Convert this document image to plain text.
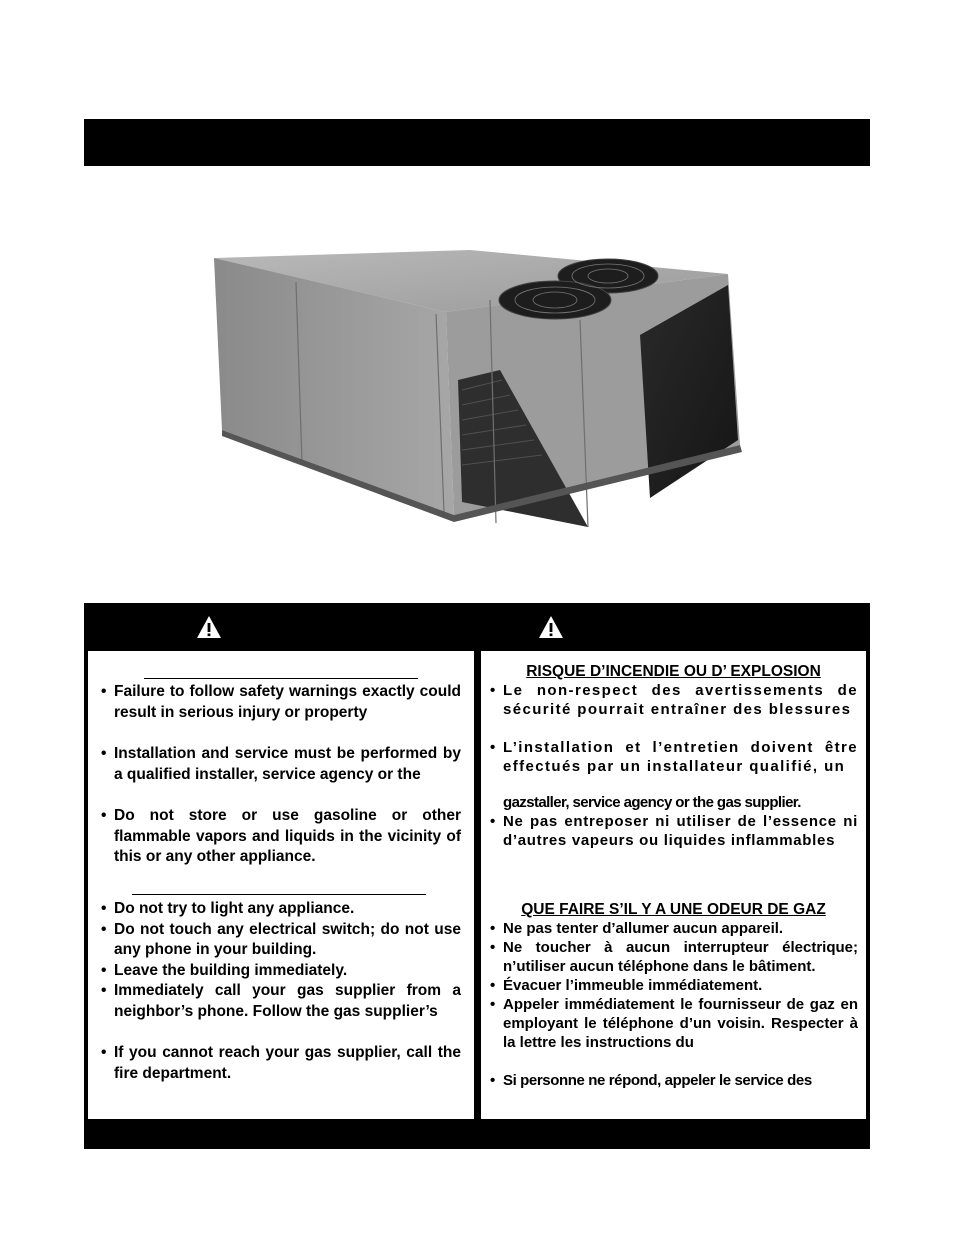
• Failure to follow safety warnings exactly could result in serious injury or property
• Installation and service must be performed by a qualified installer, service agency or the
• Do not store or use gasoline or other flammable vapors and liquids in the vicinity of this or any other appliance.
• Do not try to light any appliance.
• Do not touch any electrical switch; do not use any phone in your building.
• Leave the building immediately.
• Immediately call your gas supplier from a neighbor’s phone. Follow the gas supplier’s
• If you cannot reach your gas supplier, call the fire department.
RISQUE D’INCENDIE OU D’ EXPLOSION
• Le non-respect des avertissements de sécurité pourrait entraîner des blessures
• L’installation et l’entretien doivent être effectués par un installateur qualifié, un
gazstaller, service agency or the gas supplier.
• Ne pas entreposer ni utiliser de l’essence ni d’autres vapeurs ou liquides inflammables
QUE FAIRE S’IL Y A UNE ODEUR DE GAZ
• Ne pas tenter d’allumer aucun appareil.
• Ne toucher à aucun interrupteur électrique; n’utiliser aucun téléphone dans le bâtiment.
• Évacuer l’immeuble immédiatement.
• Appeler immédiatement le fournisseur de gaz en employant le téléphone d’un voisin. Respecter à la lettre les instructions du
• Si personne ne répond, appeler le service des
